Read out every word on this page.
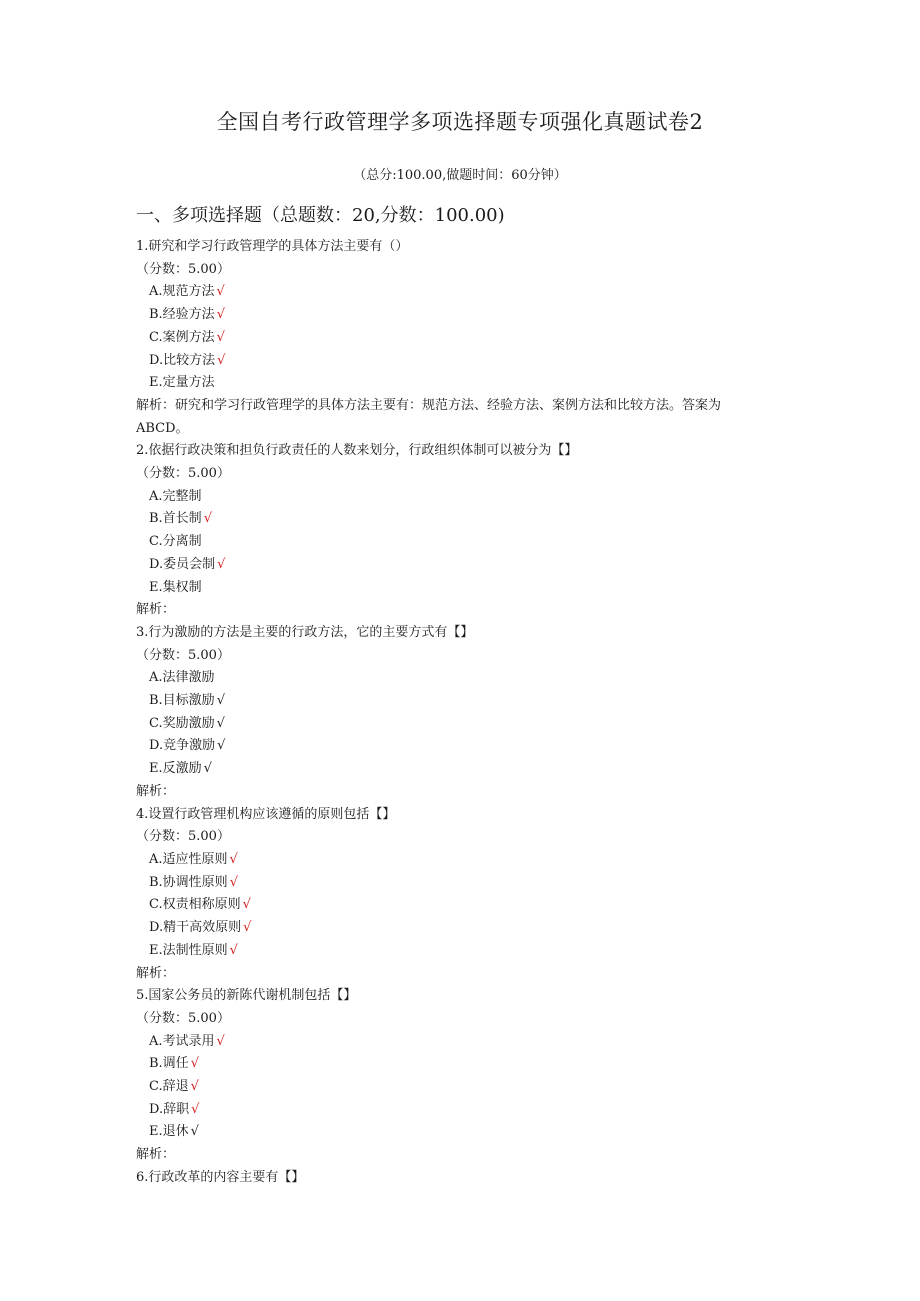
全国自考行政管理学多项选择题专项强化真题试卷2
（总分:100.00,做题时间：60分钟）
一、多项选择题（总题数：20,分数：100.00)
1.研究和学习行政管理学的具体方法主要有（）
（分数：5.00）
A.规范方法 √
B.经验方法 √
C.案例方法 √
D.比较方法 √
E.定量方法
解析：研究和学习行政管理学的具体方法主要有：规范方法、经验方法、案例方法和比较方法。答案为
ABCD。
2.依据行政决策和担负行政责任的人数来划分，行政组织体制可以被分为【】
（分数：5.00）
A.完整制
B.首长制 √
C.分离制
D.委员会制 √
E.集权制
解析：
3.行为激励的方法是主要的行政方法，它的主要方式有【】
（分数：5.00）
A.法律激励
B.目标激励 √
C.奖励激励 √
D.竞争激励 √
E.反激励 √
解析：
4.设置行政管理机构应该遵循的原则包括【】
（分数：5.00）
A.适应性原则 √
B.协调性原则 √
C.权责相称原则 √
D.精干高效原则 √
E.法制性原则 √
解析：
5.国家公务员的新陈代谢机制包括【】
（分数：5.00）
A.考试录用 √
B.调任 √
C.辞退 √
D.辞职 √
E.退休 √
解析：
6.行政改革的内容主要有【】
